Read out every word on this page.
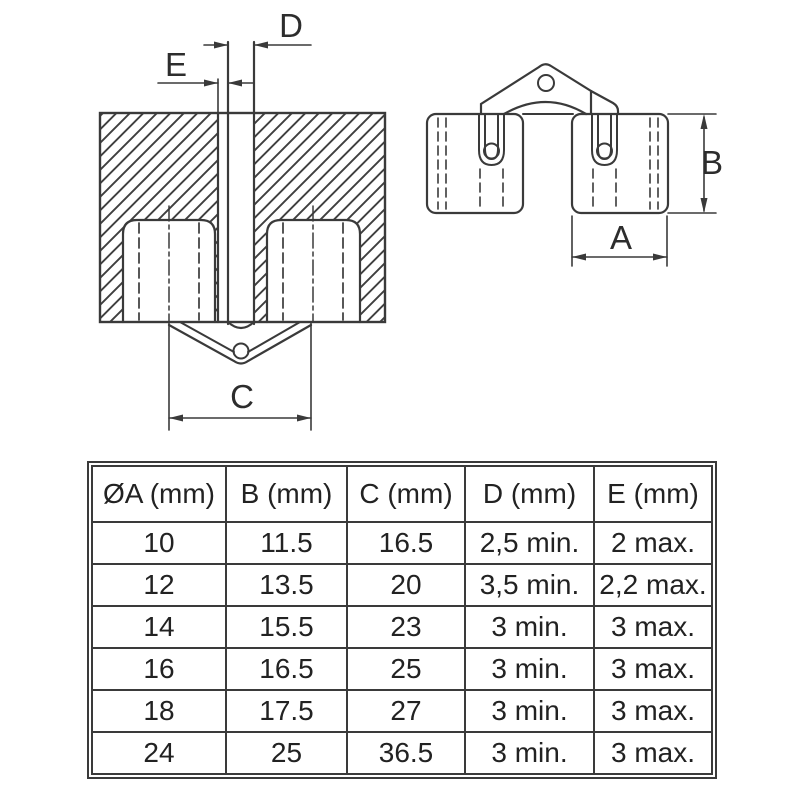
D
E
C
B
A
ØA (mm)	B (mm)	C (mm)	D (mm)	E (mm)
10	11.5	16.5	2,5 min.	2 max.
12	13.5	20	3,5 min.	2,2 max.
14	15.5	23	3 min.	3 max.
16	16.5	25	3 min.	3 max.
18	17.5	27	3 min.	3 max.
24	25	36.5	3 min.	3 max.
